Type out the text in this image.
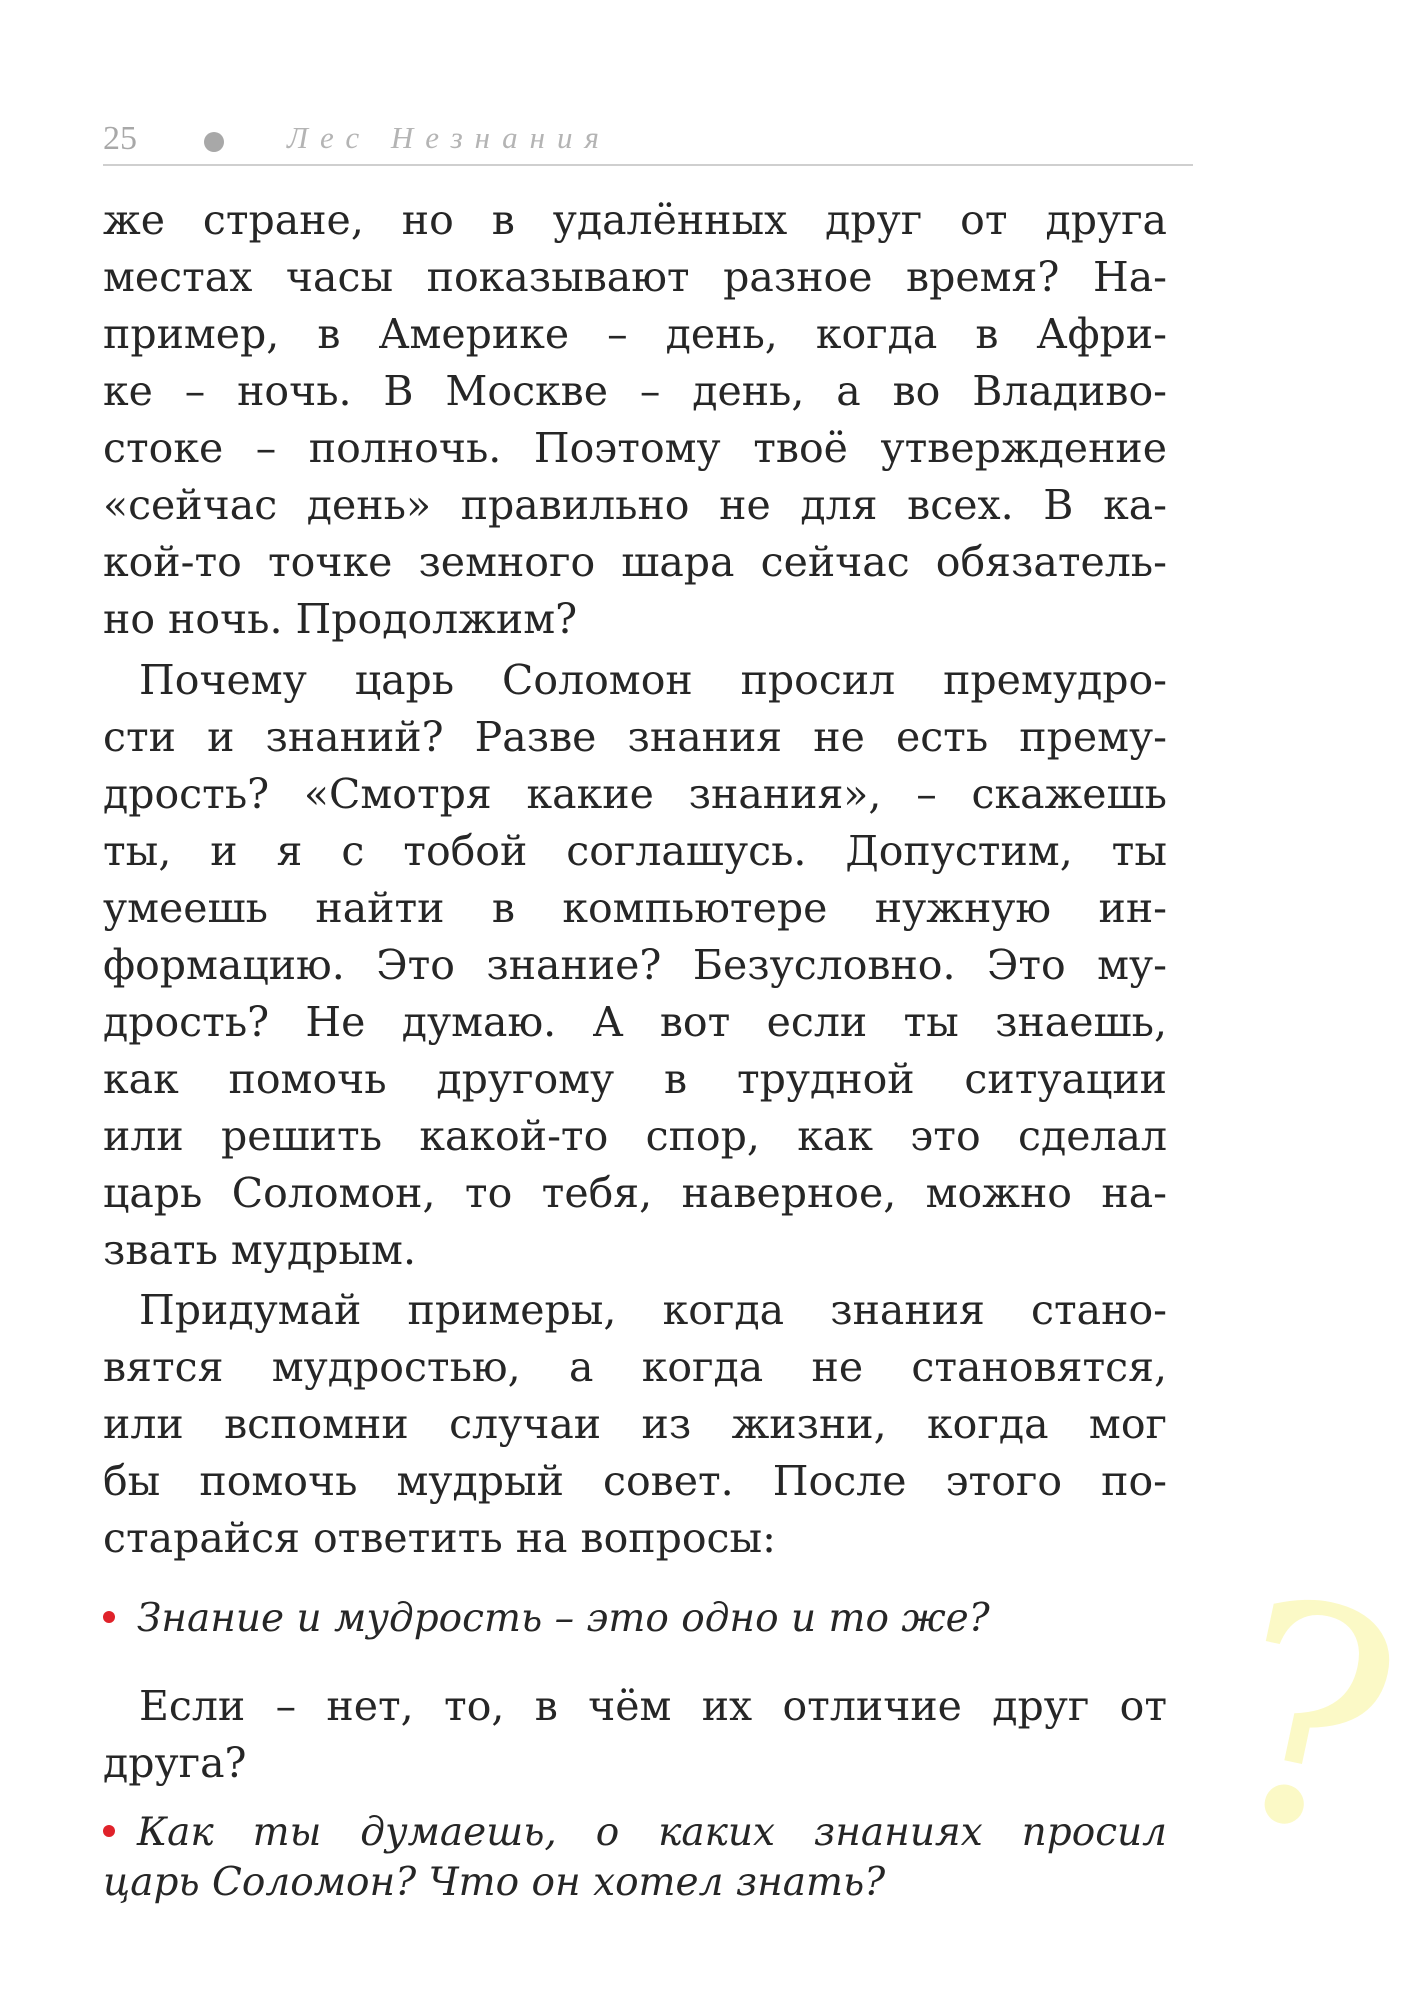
25	Лес Незнания
же стране, но в удалённых друг от друга
местах часы показывают разное время? На-
пример, в Америке – день, когда в Афри-
ке – ночь. В Москве – день, а во Владиво-
стоке – полночь. Поэтому твоё утверждение
«сейчас день» правильно не для всех. В ка-
кой-то точке земного шара сейчас обязатель-
но ночь. Продолжим?
Почему царь Соломон просил премудро-
сти и знаний? Разве знания не есть прему-
дрость? «Смотря какие знания», – скажешь
ты, и я с тобой соглашусь. Допустим, ты
умеешь найти в компьютере нужную ин-
формацию. Это знание? Безусловно. Это му-
дрость? Не думаю. А вот если ты знаешь,
как помочь другому в трудной ситуации
или решить какой-то спор, как это сделал
царь Соломон, то тебя, наверное, можно на-
звать мудрым.
Придумай примеры, когда знания стано-
вятся мудростью, а когда не становятся,
или вспомни случаи из жизни, когда мог
бы помочь мудрый совет. После этого по-
старайся ответить на вопросы:
Знание и мудрость – это одно и то же?
Если – нет, то, в чём их отличие друг от
друга?
Как ты думаешь, о каких знаниях просил
царь Соломон? Что он хотел знать?	?
